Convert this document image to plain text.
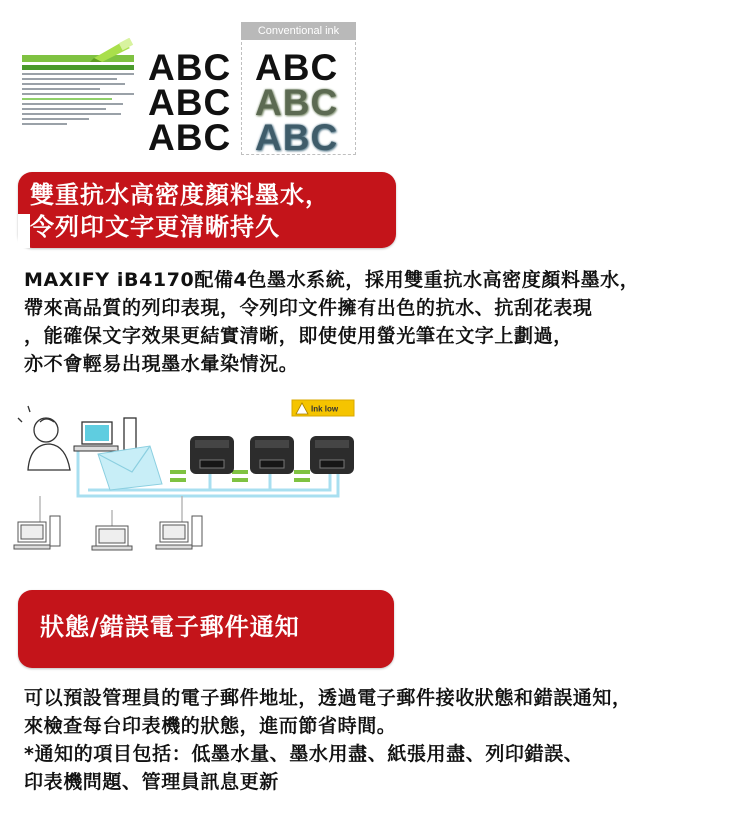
ABC
ABC
ABC
Conventional ink
ABC
ABC
ABC
雙重抗水高密度顏料墨水，
令列印文字更清晰持久
MAXIFY iB4170配備4色墨水系統，採用雙重抗水高密度顏料墨水，
帶來高品質的列印表現，令列印文件擁有出色的抗水、抗刮花表現
，能確保文字效果更結實清晰，即使使用螢光筆在文字上劃過，
亦不會輕易出現墨水暈染情況。
Ink low
狀態/錯誤電子郵件通知
可以預設管理員的電子郵件地址，透過電子郵件接收狀態和錯誤通知，
來檢查每台印表機的狀態，進而節省時間。
*通知的項目包括：低墨水量、墨水用盡、紙張用盡、列印錯誤、
印表機問題、管理員訊息更新
